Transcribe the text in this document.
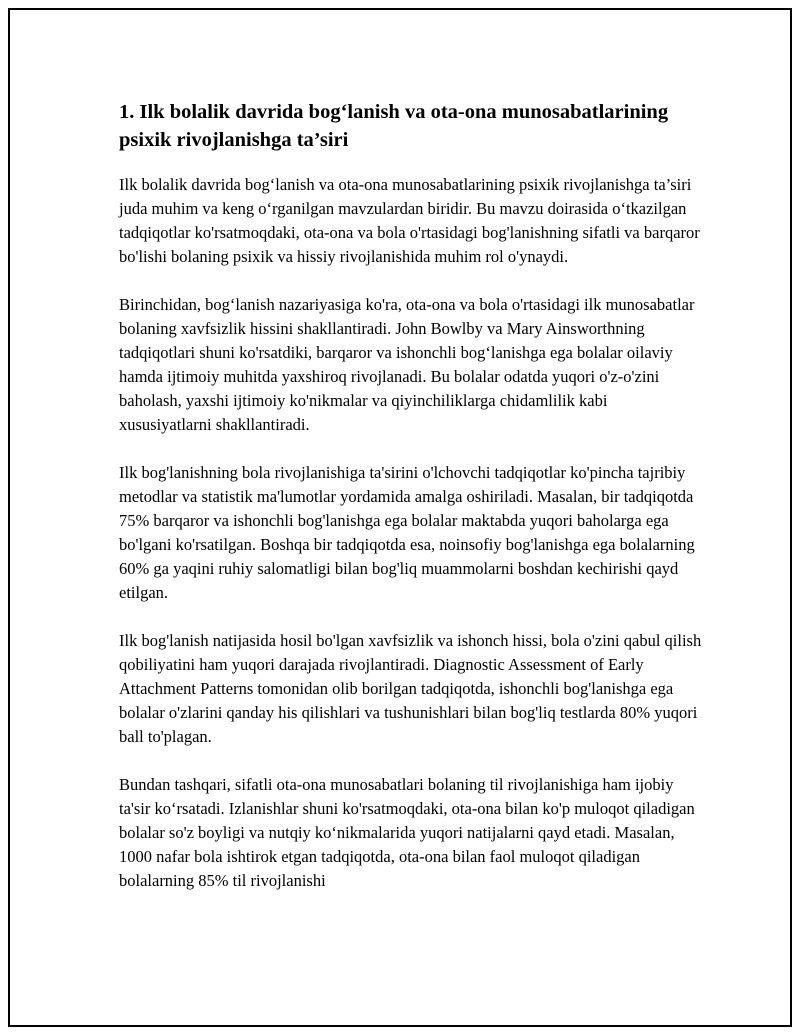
1. Ilk bolalik davrida bog‘lanish va ota-ona munosabatlarining psixik rivojlanishga ta’siri

Ilk bolalik davrida bog‘lanish va ota-ona munosabatlarining psixik rivojlanishga ta’siri juda muhim va keng o‘rganilgan mavzulardan biridir. Bu mavzu doirasida o‘tkazilgan tadqiqotlar ko'rsatmoqdaki, ota-ona va bola o'rtasidagi bog'lanishning sifatli va barqaror bo'lishi bolaning psixik va hissiy rivojlanishida muhim rol o'ynaydi.

Birinchidan, bog‘lanish nazariyasiga ko'ra, ota-ona va bola o'rtasidagi ilk munosabatlar bolaning xavfsizlik hissini shakllantiradi. John Bowlby va Mary Ainsworthning tadqiqotlari shuni ko'rsatdiki, barqaror va ishonchli bog‘lanishga ega bolalar oilaviy hamda ijtimoiy muhitda yaxshiroq rivojlanadi. Bu bolalar odatda yuqori o'z-o'zini baholash, yaxshi ijtimoiy ko'nikmalar va qiyinchiliklarga chidamlilik kabi xususiyatlarni shakllantiradi.

Ilk bog'lanishning bola rivojlanishiga ta'sirini o'lchovchi tadqiqotlar ko'pincha tajribiy metodlar va statistik ma'lumotlar yordamida amalga oshiriladi. Masalan, bir tadqiqotda 75% barqaror va ishonchli bog'lanishga ega bolalar maktabda yuqori baholarga ega bo'lgani ko'rsatilgan. Boshqa bir tadqiqotda esa, noinsofiy bog'lanishga ega bolalarning 60% ga yaqini ruhiy salomatligi bilan bog'liq muammolarni boshdan kechirishi qayd etilgan.

Ilk bog'lanish natijasida hosil bo'lgan xavfsizlik va ishonch hissi, bola o'zini qabul qilish qobiliyatini ham yuqori darajada rivojlantiradi. Diagnostic Assessment of Early Attachment Patterns tomonidan olib borilgan tadqiqotda, ishonchli bog'lanishga ega bolalar o'zlarini qanday his qilishlari va tushunishlari bilan bog'liq testlarda 80% yuqori ball to'plagan.

Bundan tashqari, sifatli ota-ona munosabatlari bolaning til rivojlanishiga ham ijobiy ta'sir ko‘rsatadi. Izlanishlar shuni ko'rsatmoqdaki, ota-ona bilan ko'p muloqot qiladigan bolalar so'z boyligi va nutqiy ko‘nikmalarida yuqori natijalarni qayd etadi. Masalan, 1000 nafar bola ishtirok etgan tadqiqotda, ota-ona bilan faol muloqot qiladigan bolalarning 85% til rivojlanishi
